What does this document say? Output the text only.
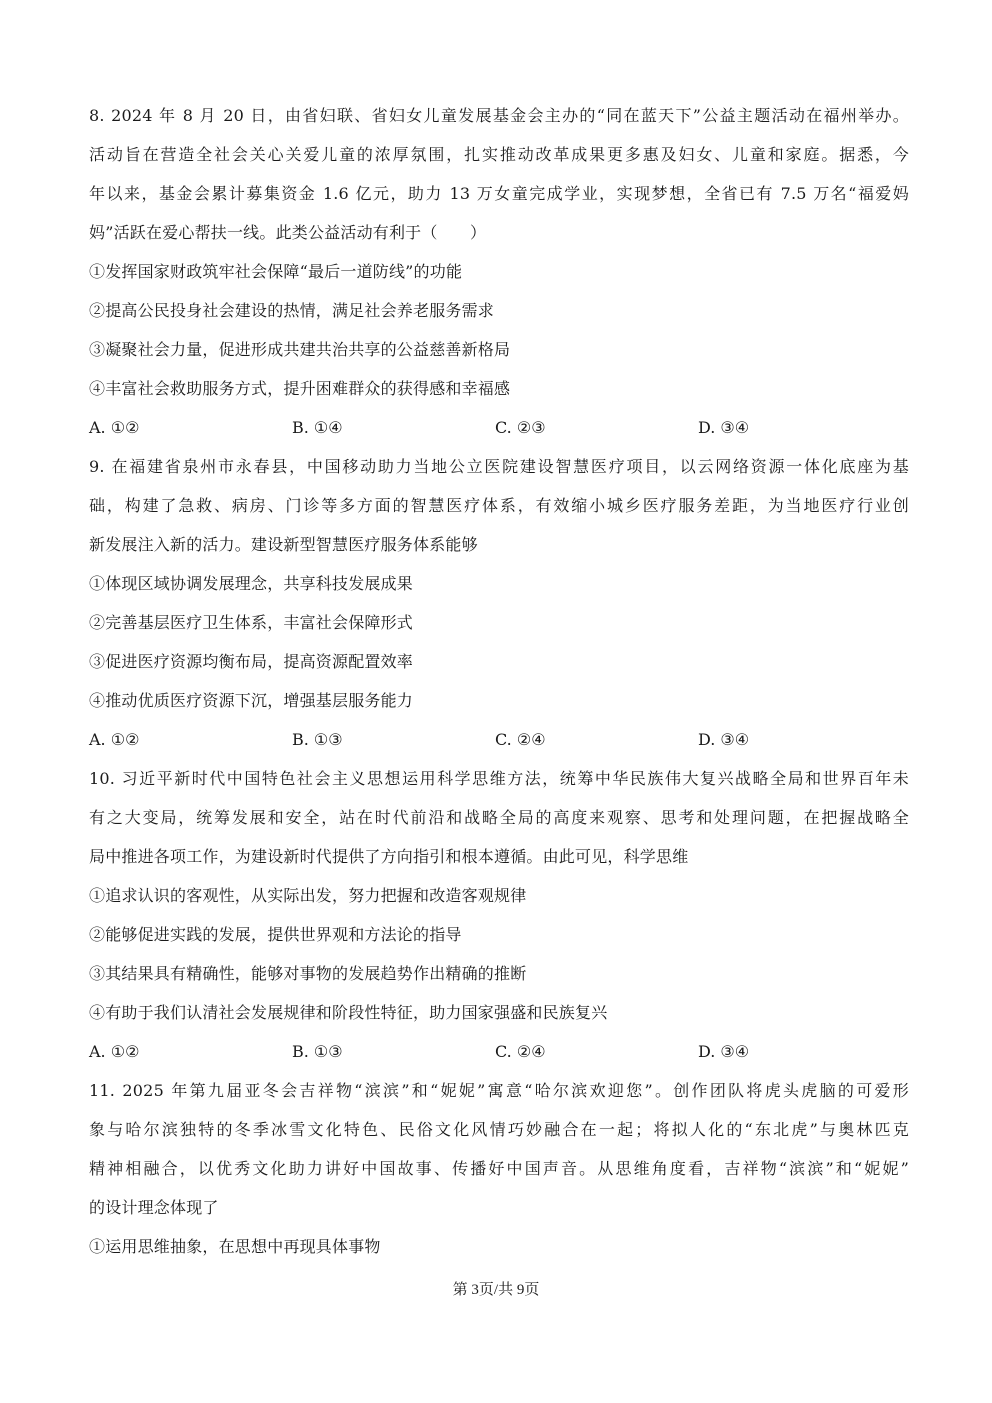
8. 2024 年 8 月 20 日，由省妇联、省妇女儿童发展基金会主办的“同在蓝天下”公益主题活动在福州举办。
活动旨在营造全社会关心关爱儿童的浓厚氛围，扎实推动改革成果更多惠及妇女、儿童和家庭。据悉，今
年以来，基金会累计募集资金 1.6 亿元，助力 13 万女童完成学业，实现梦想，全省已有 7.5 万名“福爱妈
妈”活跃在爱心帮扶一线。此类公益活动有利于（　　）
①发挥国家财政筑牢社会保障“最后一道防线”的功能
②提高公民投身社会建设的热情，满足社会养老服务需求
③凝聚社会力量，促进形成共建共治共享的公益慈善新格局
④丰富社会救助服务方式，提升困难群众的获得感和幸福感
A. ①②	B. ①④	C. ②③	D. ③④
9. 在福建省泉州市永春县，中国移动助力当地公立医院建设智慧医疗项目，以云网络资源一体化底座为基
础，构建了急救、病房、门诊等多方面的智慧医疗体系，有效缩小城乡医疗服务差距，为当地医疗行业创
新发展注入新的活力。建设新型智慧医疗服务体系能够
①体现区域协调发展理念，共享科技发展成果
②完善基层医疗卫生体系，丰富社会保障形式
③促进医疗资源均衡布局，提高资源配置效率
④推动优质医疗资源下沉，增强基层服务能力
A. ①②	B. ①③	C. ②④	D. ③④
10. 习近平新时代中国特色社会主义思想运用科学思维方法，统筹中华民族伟大复兴战略全局和世界百年未
有之大变局，统筹发展和安全，站在时代前沿和战略全局的高度来观察、思考和处理问题，在把握战略全
局中推进各项工作，为建设新时代提供了方向指引和根本遵循。由此可见，科学思维
①追求认识的客观性，从实际出发，努力把握和改造客观规律
②能够促进实践的发展，提供世界观和方法论的指导
③其结果具有精确性，能够对事物的发展趋势作出精确的推断
④有助于我们认清社会发展规律和阶段性特征，助力国家强盛和民族复兴
A. ①②	B. ①③	C. ②④	D. ③④
11. 2025 年第九届亚冬会吉祥物“滨滨”和“妮妮”寓意“哈尔滨欢迎您”。创作团队将虎头虎脑的可爱形
象与哈尔滨独特的冬季冰雪文化特色、民俗文化风情巧妙融合在一起；将拟人化的“东北虎”与奥林匹克
精神相融合，以优秀文化助力讲好中国故事、传播好中国声音。从思维角度看，吉祥物“滨滨”和“妮妮”
的设计理念体现了
①运用思维抽象，在思想中再现具体事物
第 3页/共 9页
